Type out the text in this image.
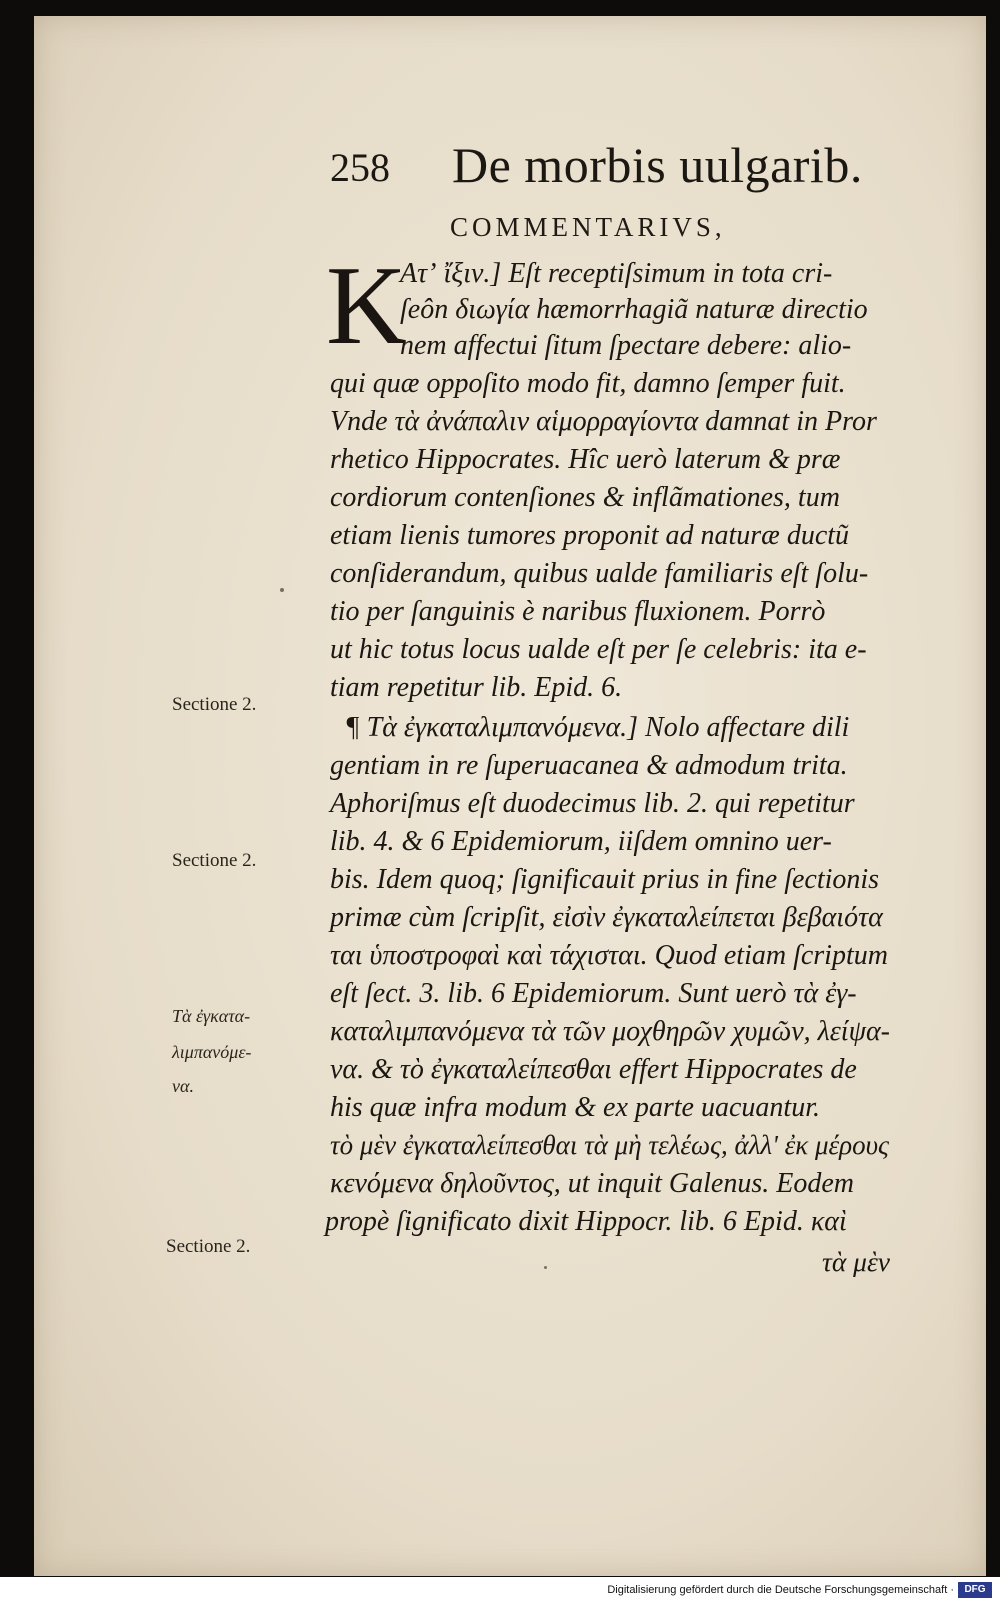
258 De morbis uulgarib.
COMMENTARIVS,
K
Ατʼ ἴξιν.] Eſt receptiſsimum in tota cri-
ſeôn διωγία hæmorrhagiã naturæ directio
nem affectui ſitum ſpectare debere: alio-
qui quæ oppoſito modo fit, damno ſemper fuit.
Vnde τὰ ἀνάπαλιν αἱμορραγίοντα damnat in Pror
rhetico Hippocrates. Hîc uerò laterum & præ
cordiorum contenſiones & inflãmationes, tum
etiam lienis tumores proponit ad naturæ ductũ
conſiderandum, quibus ualde familiaris eſt ſolu-
tio per ſanguinis è naribus fluxionem. Porrò
ut hic totus locus ualde eſt per ſe celebris: ita e-
tiam repetitur lib. Epid. 6.
¶ Τὰ ἐγκαταλιμπανόμενα.] Nolo affectare dili
gentiam in re ſuperuacanea & admodum trita.
Aphoriſmus eſt duodecimus lib. 2. qui repetitur
lib. 4. & 6 Epidemiorum, iiſdem omnino uer-
bis. Idem quoq; ſignificauit prius in fine ſectionis
primæ cùm ſcripſit, εἰσὶν ἐγκαταλείπεται βεβαιότα
ται ὑποστροφαὶ καὶ τάχισται. Quod etiam ſcriptum
eſt ſect. 3. lib. 6 Epidemiorum. Sunt uerò τὰ ἐγ-
καταλιμπανόμενα τὰ τῶν μοχθηρῶν χυμῶν, λείψα-
να. & τὸ ἐγκαταλείπεσθαι effert Hippocrates de
his quæ infra modum & ex parte uacuantur.
τὸ μὲν ἐγκαταλείπεσθαι τὰ μὴ τελέως, ἀλλ' ἐκ μέρους
κενόμενα δηλοῦντος, ut inquit Galenus. Eodem
propè ſignificato dixit Hippocr. lib. 6 Epid. καὶ
τὰ μὲν
Sectione 2.
Sectione 2.
Τὰ ἐγκατα-
λιμπανόμε-
να.
Sectione 2.
Digitalisierung gefördert durch die Deutsche Forschungsgemeinschaft ·	DFG
